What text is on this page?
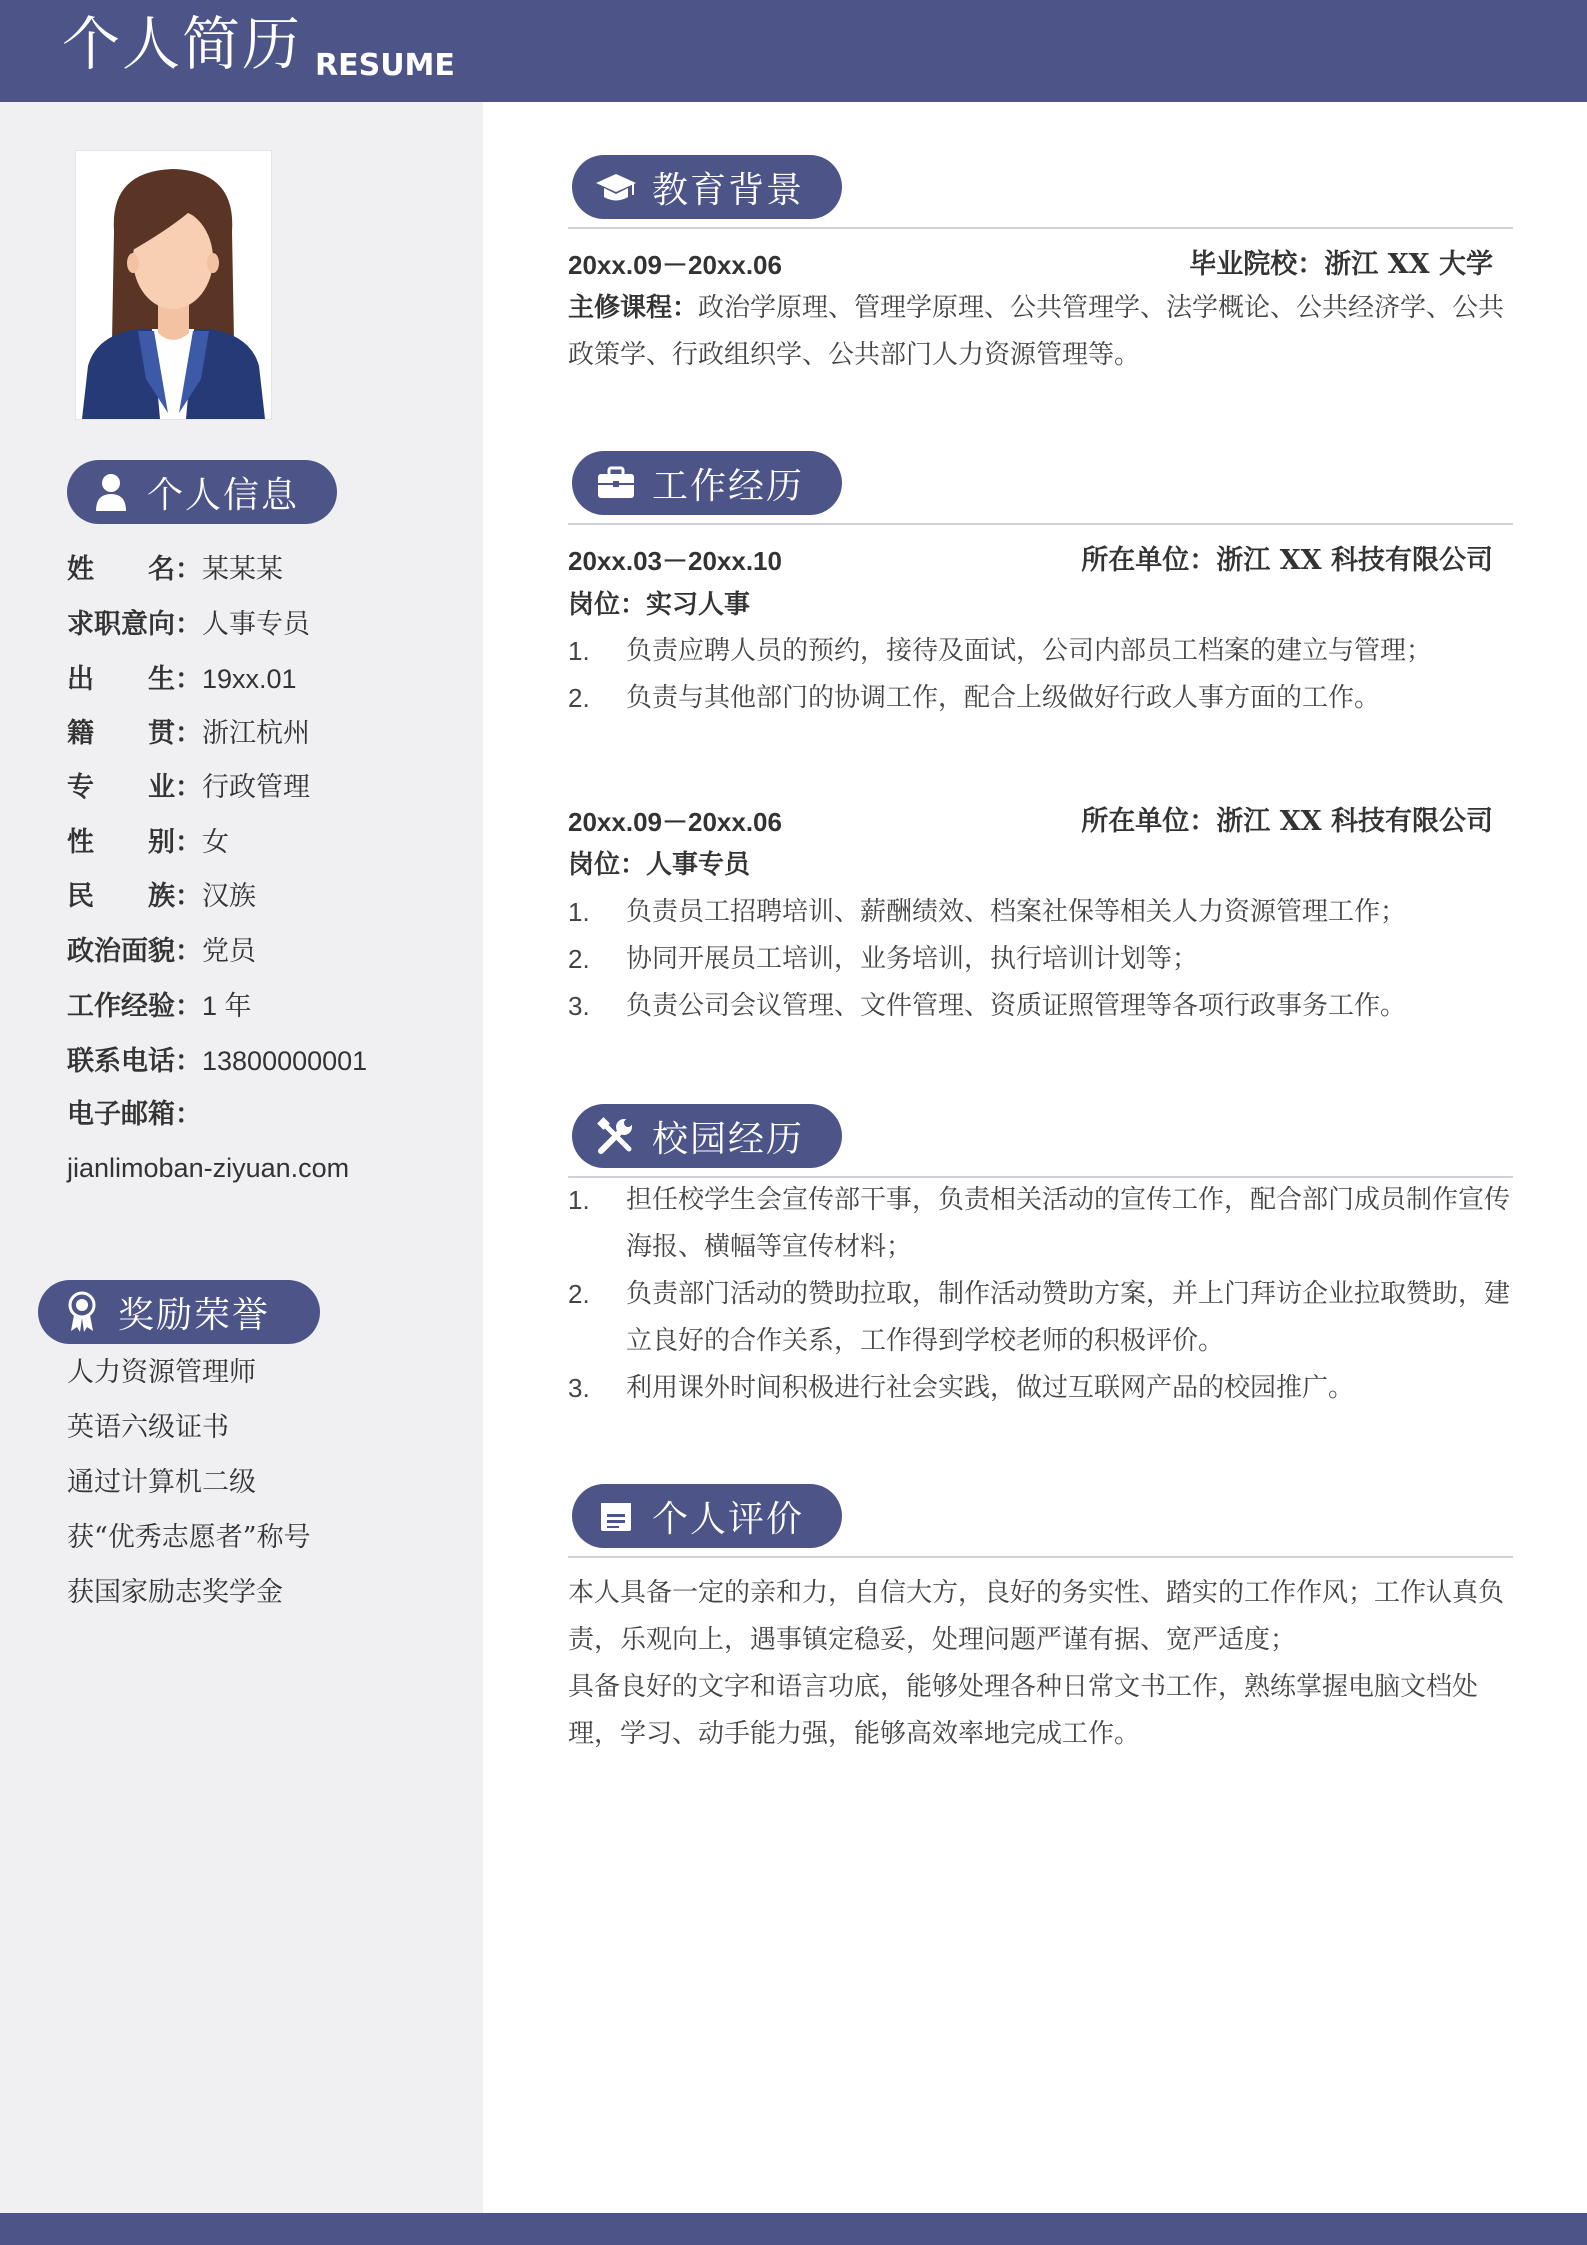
个人简历 RESUME
个人信息
姓　　名：某某某
求职意向：人事专员
出　　生：19xx.01
籍　　贯：浙江杭州
专　　业：行政管理
性　　别：女
民　　族：汉族
政治面貌：党员
工作经验：1 年
联系电话：13800000001
电子邮箱：
jianlimoban-ziyuan.com
奖励荣誉
人力资源管理师
英语六级证书
通过计算机二级
获“优秀志愿者”称号
获国家励志奖学金
教育背景
20xx.09－20xx.06	毕业院校：浙江 XX 大学
主修课程：政治学原理、管理学原理、公共管理学、法学概论、公共经济学、公共政策学、行政组织学、公共部门人力资源管理等。
工作经历
20xx.03－20xx.10	所在单位：浙江 XX 科技有限公司
岗位：实习人事
1. 负责应聘人员的预约，接待及面试，公司内部员工档案的建立与管理；
2. 负责与其他部门的协调工作，配合上级做好行政人事方面的工作。
20xx.09－20xx.06	所在单位：浙江 XX 科技有限公司
岗位：人事专员
1. 负责员工招聘培训、薪酬绩效、档案社保等相关人力资源管理工作；
2. 协同开展员工培训，业务培训，执行培训计划等；
3. 负责公司会议管理、文件管理、资质证照管理等各项行政事务工作。
校园经历
1. 担任校学生会宣传部干事，负责相关活动的宣传工作，配合部门成员制作宣传海报、横幅等宣传材料；
2. 负责部门活动的赞助拉取，制作活动赞助方案，并上门拜访企业拉取赞助，建立良好的合作关系，工作得到学校老师的积极评价。
3. 利用课外时间积极进行社会实践，做过互联网产品的校园推广。
个人评价
本人具备一定的亲和力，自信大方，良好的务实性、踏实的工作作风；工作认真负责，乐观向上，遇事镇定稳妥，处理问题严谨有据、宽严适度；
具备良好的文字和语言功底，能够处理各种日常文书工作，熟练掌握电脑文档处理，学习、动手能力强，能够高效率地完成工作。
